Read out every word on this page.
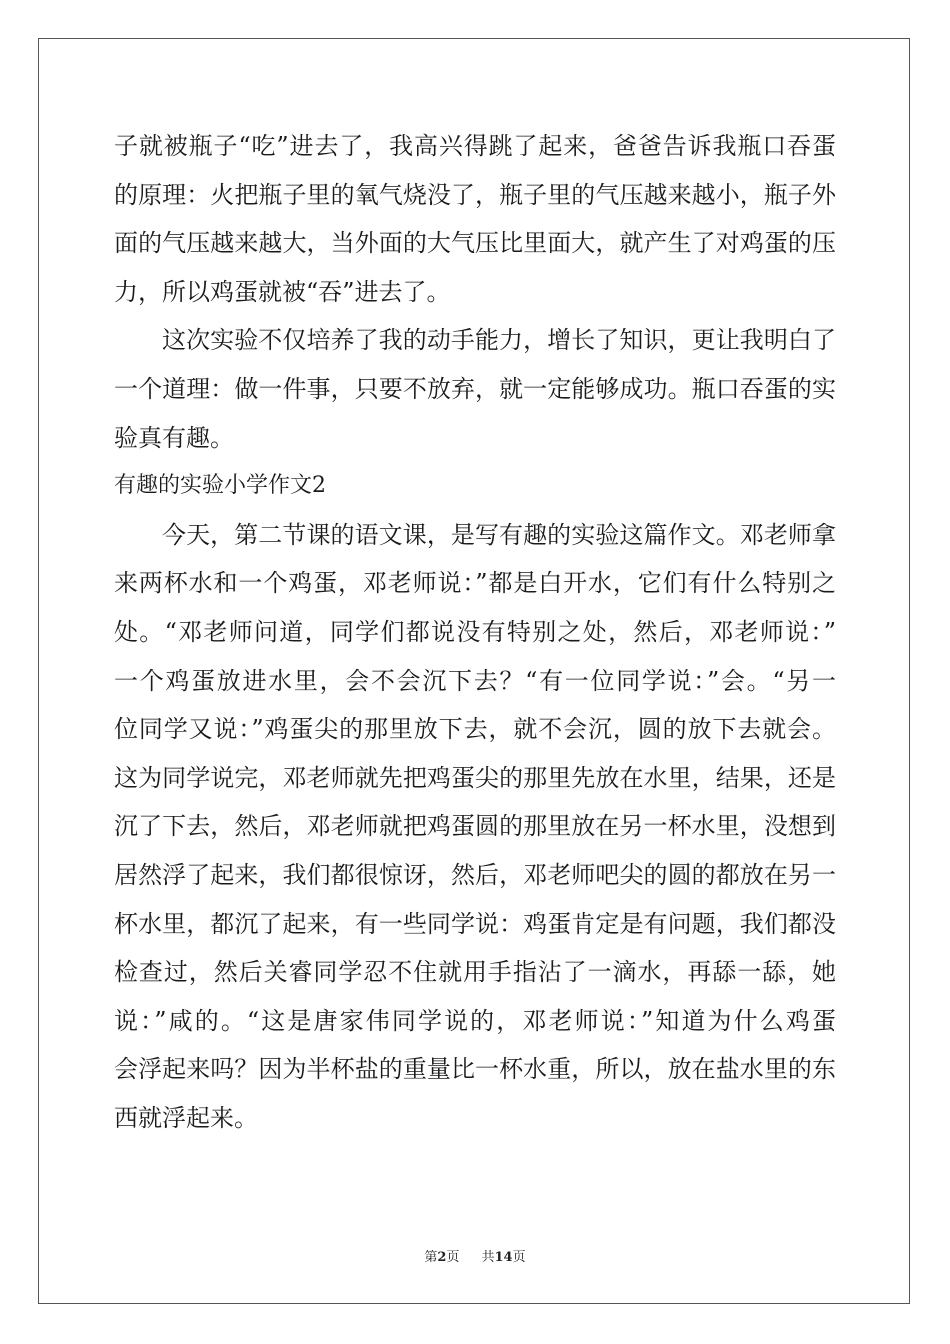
子就被瓶子“吃”进去了，我高兴得跳了起来，爸爸告诉我瓶口吞蛋
的原理：火把瓶子里的氧气烧没了，瓶子里的气压越来越小，瓶子外
面的气压越来越大，当外面的大气压比里面大，就产生了对鸡蛋的压
力，所以鸡蛋就被“吞”进去了。
这次实验不仅培养了我的动手能力，增长了知识，更让我明白了
一个道理：做一件事，只要不放弃，就一定能够成功。瓶口吞蛋的实
验真有趣。
有趣的实验小学作文2
今天，第二节课的语文课，是写有趣的实验这篇作文。邓老师拿
来两杯水和一个鸡蛋，邓老师说：”都是白开水，它们有什么特别之
处。“邓老师问道，同学们都说没有特别之处，然后，邓老师说：”
一个鸡蛋放进水里，会不会沉下去？“有一位同学说：”会。“另一
位同学又说：”鸡蛋尖的那里放下去，就不会沉，圆的放下去就会。
这为同学说完，邓老师就先把鸡蛋尖的那里先放在水里，结果，还是
沉了下去，然后，邓老师就把鸡蛋圆的那里放在另一杯水里，没想到
居然浮了起来，我们都很惊讶，然后，邓老师吧尖的圆的都放在另一
杯水里，都沉了起来，有一些同学说：鸡蛋肯定是有问题，我们都没
检查过，然后关睿同学忍不住就用手指沾了一滴水，再舔一舔，她
说：”咸的。“这是唐家伟同学说的，邓老师说：”知道为什么鸡蛋
会浮起来吗？因为半杯盐的重量比一杯水重，所以，放在盐水里的东
西就浮起来。
第2页 共14页
